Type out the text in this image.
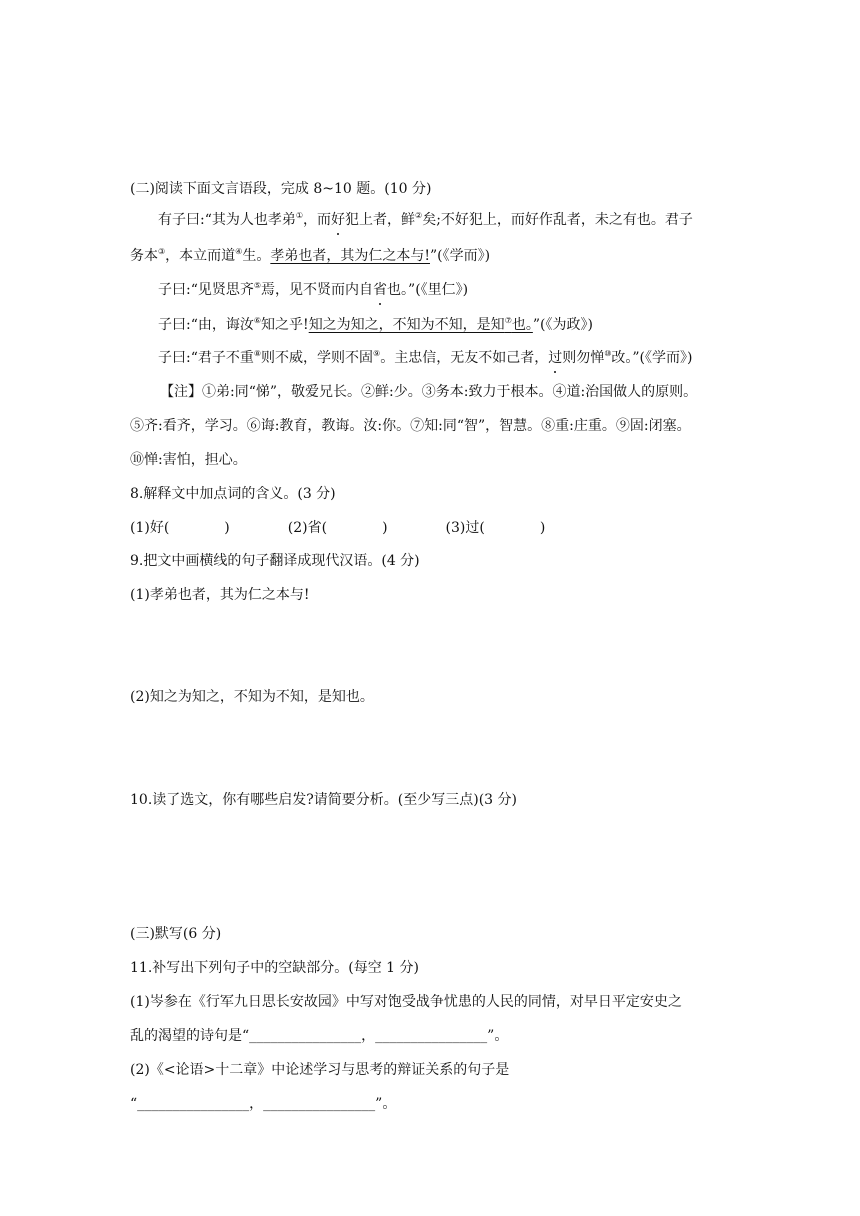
(二)阅读下面文言语段，完成 8~10 题。(10 分)
有子曰:“其为人也孝弟①，而好犯上者，鲜②矣;不好犯上，而好作乱者，未之有也。君子
务本③，本立而道④生。孝弟也者，其为仁之本与!”(《学而》)
子曰:“见贤思齐⑤焉，见不贤而内自省也。”(《里仁》)
子曰:“由，诲汝⑥知之乎!知之为知之，不知为不知，是知⑦也。”(《为政》)
子曰:“君子不重⑧则不威，学则不固⑨。主忠信，无友不如己者，过则勿惮⑩改。”(《学而》)
【注】①弟:同“悌”，敬爱兄长。②鲜:少。③务本:致力于根本。④道:治国做人的原则。
⑤齐:看齐，学习。⑥诲:教育，教诲。汝:你。⑦知:同“智”，智慧。⑧重:庄重。⑨固:闭塞。
⑩惮:害怕，担心。
8.解释文中加点词的含义。(3 分)
(1)好(	)	(2)省(	)	(3)过(	)
9.把文中画横线的句子翻译成现代汉语。(4 分)
(1)孝弟也者，其为仁之本与!
(2)知之为知之，不知为不知，是知也。
10.读了选文，你有哪些启发?请简要分析。(至少写三点)(3 分)
(三)默写(6 分)
11.补写出下列句子中的空缺部分。(每空 1 分)
(1)岑参在《行军九日思长安故园》中写对饱受战争忧患的人民的同情，对早日平定安史之
乱的渴望的诗句是“________________，________________”。
(2)《<论语>十二章》中论述学习与思考的辩证关系的句子是
“________________，________________”。
